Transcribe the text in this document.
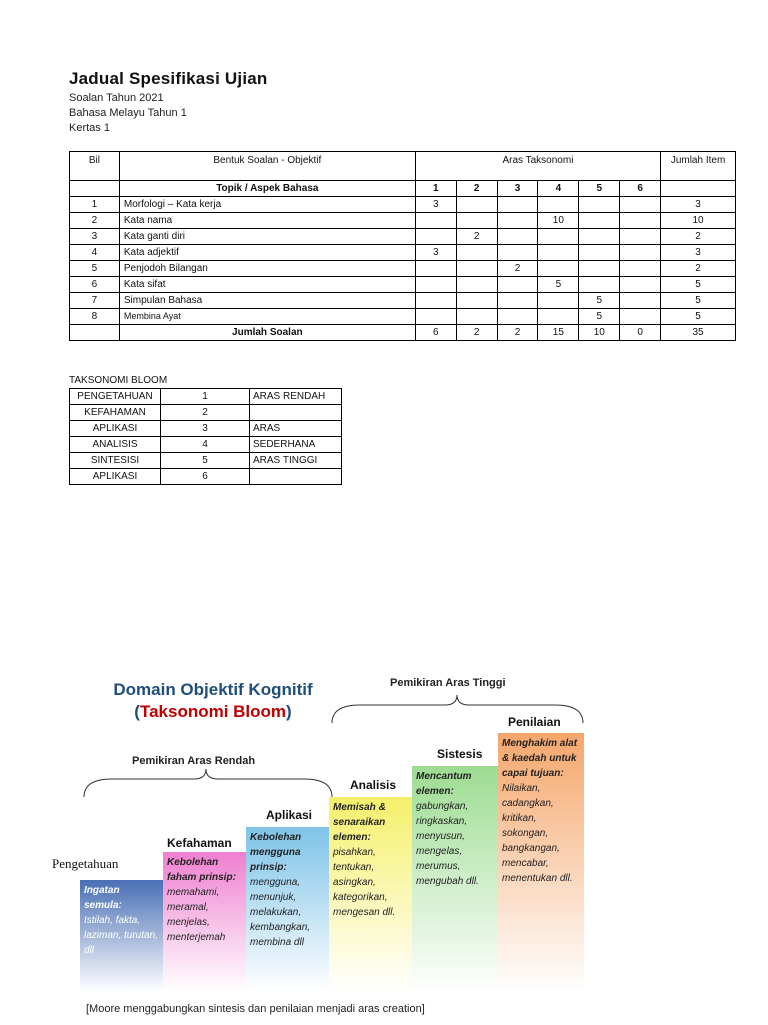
Jadual Spesifikasi Ujian
Soalan Tahun 2021
Bahasa Melayu Tahun 1
Kertas 1
Bil	Bentuk Soalan - Objektif	Aras Taksonomi						Jumlah Item
	Topik / Aspek Bahasa	1	2	3	4	5	6	
1	Morfologi – Kata kerja	3						3
2	Kata nama				10			10
3	Kata ganti diri		2					2
4	Kata adjektif	3						3
5	Penjodoh Bilangan			2				2
6	Kata sifat				5			5
7	Simpulan Bahasa					5		5
8	Membina Ayat					5		5
	Jumlah Soalan	6	2	2	15	10	0	35
TAKSONOMI BLOOM
PENGETAHUAN	1	ARAS RENDAH
KEFAHAMAN	2	
APLIKASI	3	ARAS
ANALISIS	4	SEDERHANA
SINTESISI	5	ARAS TINGGI
APLIKASI	6	
Domain Objektif Kognitif
(Taksonomi Bloom)
Pemikiran Aras Tinggi
Pemikiran Aras Rendah
Pengetahuan
Ingatan semula:
Istilah, fakta, laziman, turutan, dll
Kefahaman
Kebolehan faham prinsip:
memahami, meramal, menjelas, menterjemah
Aplikasi
Kebolehan mengguna prinsip:
mengguna, menunjuk, melakukan, kembangkan, membina dll
Analisis
Memisah & senaraikan elemen:
pisahkan, tentukan, asingkan, kategorikan, mengesan dll.
Sistesis
Mencantum elemen:
gabungkan, ringkaskan, menyusun, mengelas, merumus, mengubah dll.
Penilaian
Menghakim alat & kaedah untuk capai tujuan:
Nilaikan, cadangkan, kritikan, sokongan, bangkangan, mencabar, menentukan dll.
[Moore menggabungkan sintesis dan penilaian menjadi aras creation]
